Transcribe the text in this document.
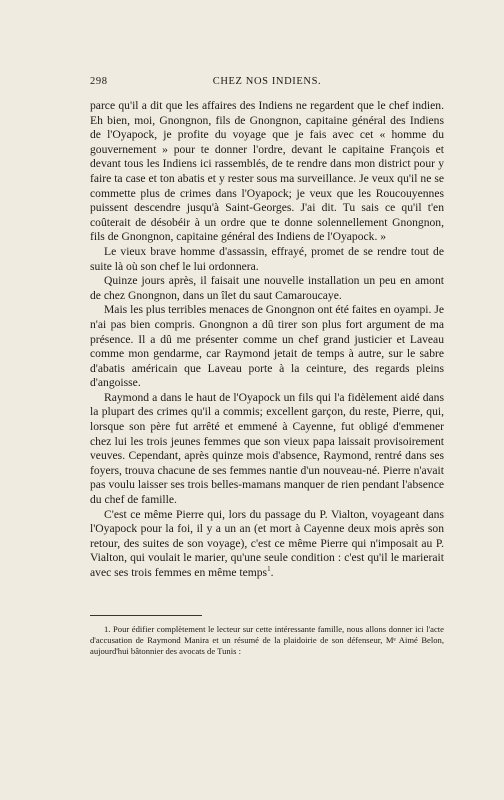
298	CHEZ NOS INDIENS.

parce qu'il a dit que les affaires des Indiens ne regardent que le chef indien. Eh bien, moi, Gnongnon, fils de Gnongnon, capitaine général des Indiens de l'Oyapock, je profite du voyage que je fais avec cet « homme du gouvernement » pour te donner l'ordre, devant le capitaine François et devant tous les Indiens ici rassemblés, de te rendre dans mon district pour y faire ta case et ton abatis et y rester sous ma surveillance. Je veux qu'il ne se commette plus de crimes dans l'Oyapock; je veux que les Roucouyennes puissent descendre jusqu'à Saint-Georges. J'ai dit. Tu sais ce qu'il t'en coûterait de désobéir à un ordre que te donne solennellement Gnongnon, fils de Gnongnon, capitaine général des Indiens de l'Oyapock. »

Le vieux brave homme d'assassin, effrayé, promet de se rendre tout de suite là où son chef le lui ordonnera.

Quinze jours après, il faisait une nouvelle installation un peu en amont de chez Gnongnon, dans un îlet du saut Camaroucaye.

Mais les plus terribles menaces de Gnongnon ont été faites en oyampi. Je n'ai pas bien compris. Gnongnon a dû tirer son plus fort argument de ma présence. Il a dû me présenter comme un chef grand justicier et Laveau comme mon gendarme, car Raymond jetait de temps à autre, sur le sabre d'abatis américain que Laveau porte à la ceinture, des regards pleins d'angoisse.

Raymond a dans le haut de l'Oyapock un fils qui l'a fidèlement aidé dans la plupart des crimes qu'il a commis; excellent garçon, du reste, Pierre, qui, lorsque son père fut arrêté et emmené à Cayenne, fut obligé d'emmener chez lui les trois jeunes femmes que son vieux papa laissait provisoirement veuves. Cependant, après quinze mois d'absence, Raymond, rentré dans ses foyers, trouva chacune de ses femmes nantie d'un nouveau-né. Pierre n'avait pas voulu laisser ses trois belles-mamans manquer de rien pendant l'absence du chef de famille.

C'est ce même Pierre qui, lors du passage du P. Vialton, voyageant dans l'Oyapock pour la foi, il y a un an (et mort à Cayenne deux mois après son retour, des suites de son voyage), c'est ce même Pierre qui n'imposait au P. Vialton, qui voulait le marier, qu'une seule condition : c'est qu'il le marierait avec ses trois femmes en même temps$^1$.

1. Pour édifier complètement le lecteur sur cette intéressante famille, nous allons donner ici l'acte d'accusation de Raymond Manira et un résumé de la plaidoirie de son défenseur, Mᵉ Aimé Belon, aujourd'hui bâtonnier des avocats de Tunis :
